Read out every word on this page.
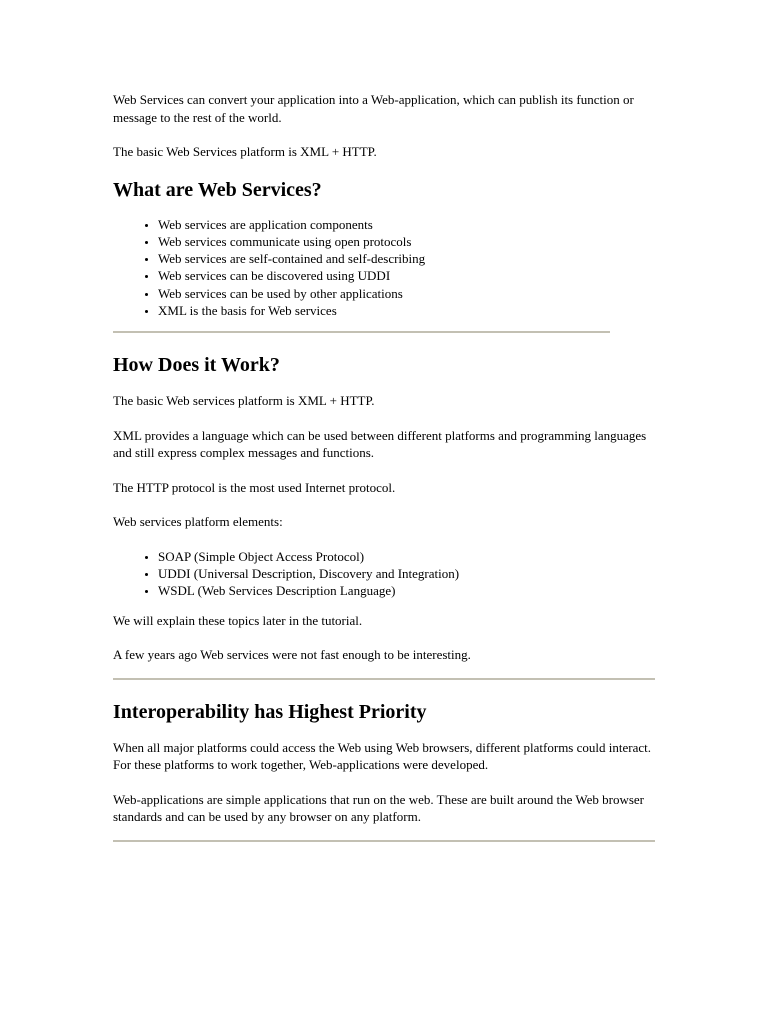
Web Services can convert your application into a Web-application, which can publish its function or message to the rest of the world.

The basic Web Services platform is XML + HTTP.

What are Web Services?
• Web services are application components
• Web services communicate using open protocols
• Web services are self-contained and self-describing
• Web services can be discovered using UDDI
• Web services can be used by other applications
• XML is the basis for Web services
How Does it Work?

The basic Web services platform is XML + HTTP.

XML provides a language which can be used between different platforms and programming languages and still express complex messages and functions.

The HTTP protocol is the most used Internet protocol.

Web services platform elements:

• SOAP (Simple Object Access Protocol)
• UDDI (Universal Description, Discovery and Integration)
• WSDL (Web Services Description Language)

We will explain these topics later in the tutorial.

A few years ago Web services were not fast enough to be interesting.

Interoperability has Highest Priority

When all major platforms could access the Web using Web browsers, different platforms could interact. For these platforms to work together, Web-applications were developed.

Web-applications are simple applications that run on the web. These are built around the Web browser standards and can be used by any browser on any platform.
